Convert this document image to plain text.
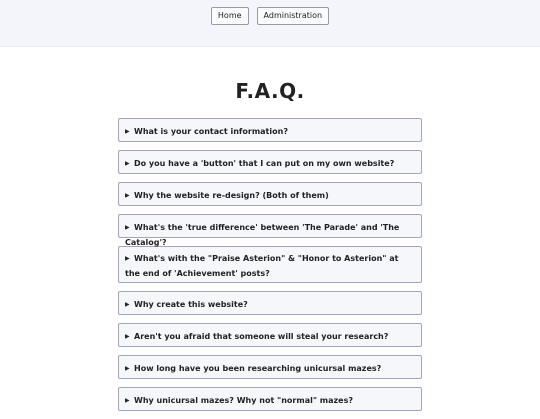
Home	Administration
F.A.Q.
▶ What is your contact information?
▶ Do you have a 'button' that I can put on my own website?
▶ Why the website re-design? (Both of them)
▶ What's the 'true difference' between 'The Parade' and 'The Catalog'?
▶ What's with the "Praise Asterion" & "Honor to Asterion" at the end of 'Achievement' posts?
▶ Why create this website?
▶ Aren't you afraid that someone will steal your research?
▶ How long have you been researching unicursal mazes?
▶ Why unicursal mazes? Why not "normal" mazes?
